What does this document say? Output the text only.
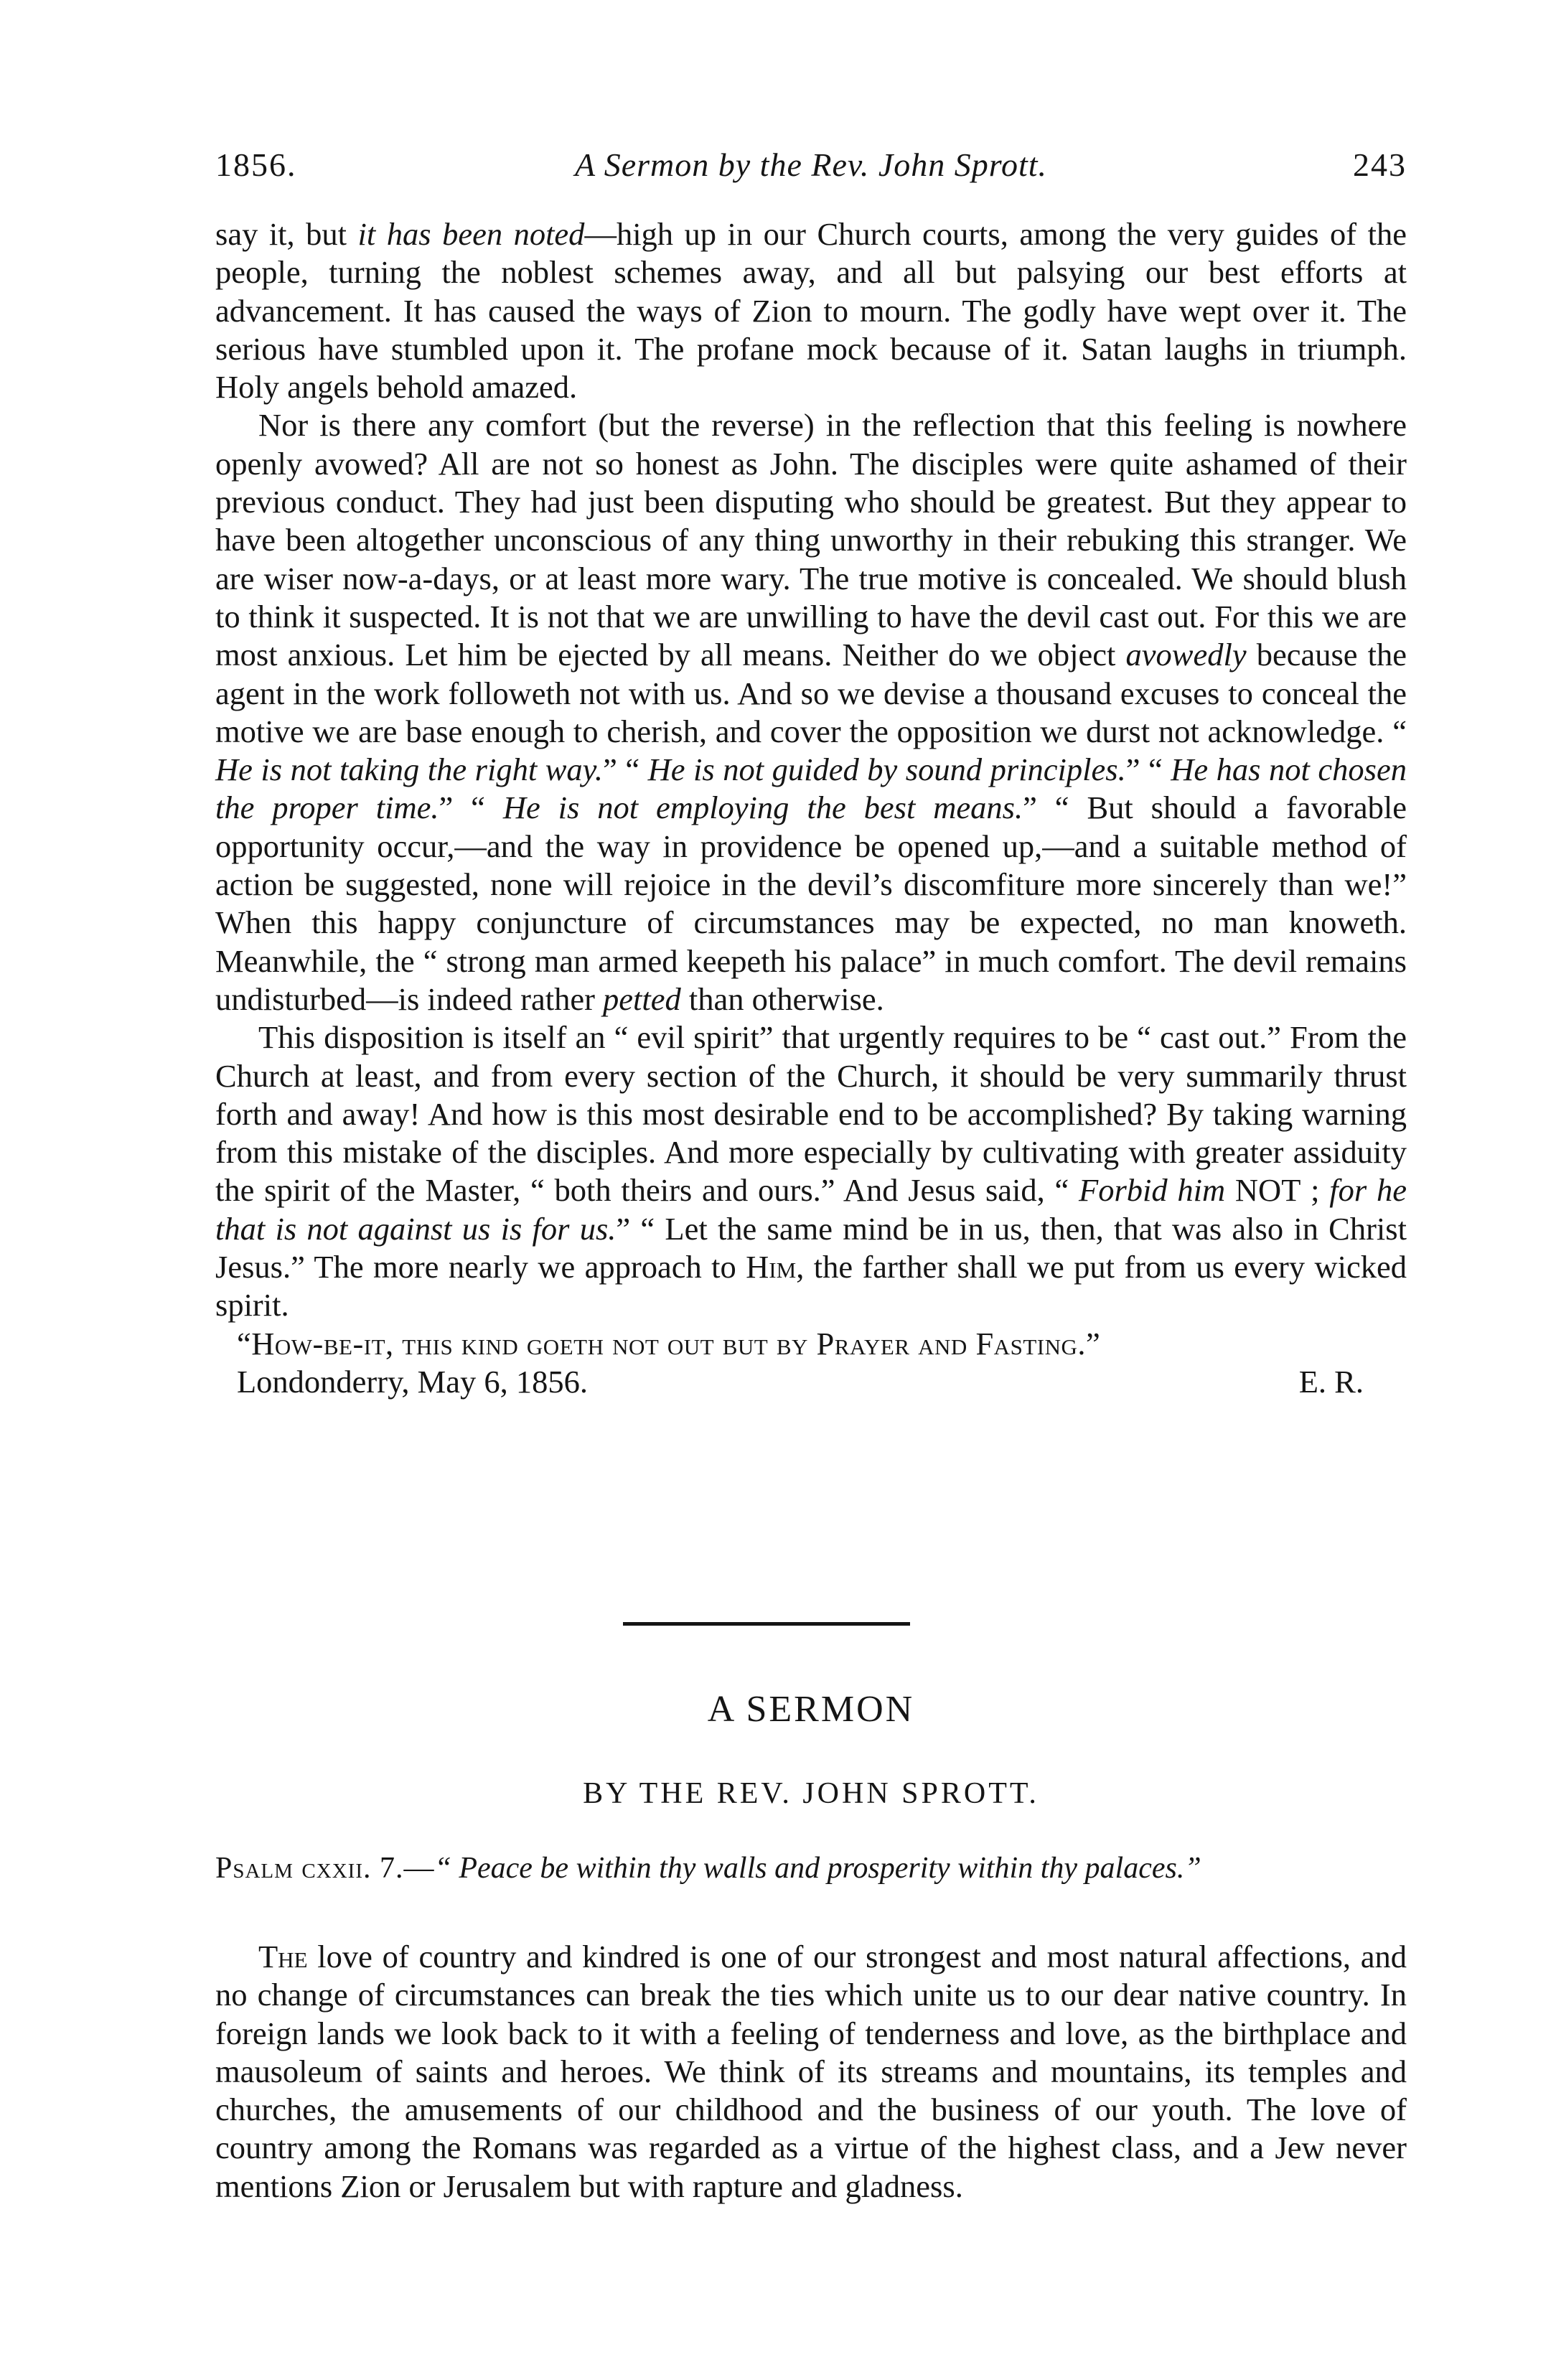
1856.	A Sermon by the Rev. John Sprott.	243

say it, but it has been noted—high up in our Church courts, among the very guides of the people, turning the noblest schemes away, and all but palsying our best efforts at advancement. It has caused the ways of Zion to mourn. The godly have wept over it. The serious have stumbled upon it. The profane mock because of it. Satan laughs in triumph. Holy angels behold amazed.

Nor is there any comfort (but the reverse) in the reflection that this feeling is nowhere openly avowed? All are not so honest as John. The disciples were quite ashamed of their previous conduct. They had just been disputing who should be greatest. But they appear to have been altogether unconscious of any thing unworthy in their rebuking this stranger. We are wiser now-a-days, or at least more wary. The true motive is concealed. We should blush to think it suspected. It is not that we are unwilling to have the devil cast out. For this we are most anxious. Let him be ejected by all means. Neither do we object avowedly because the agent in the work followeth not with us. And so we devise a thousand excuses to conceal the motive we are base enough to cherish, and cover the opposition we durst not acknowledge. “ He is not taking the right way.” “ He is not guided by sound principles.” “ He has not chosen the proper time.” “ He is not employing the best means.” “ But should a favorable opportunity occur,—and the way in providence be opened up,—and a suitable method of action be suggested, none will rejoice in the devil’s discomfiture more sincerely than we!” When this happy conjuncture of circumstances may be expected, no man knoweth. Meanwhile, the “ strong man armed keepeth his palace” in much comfort. The devil remains undisturbed—is indeed rather petted than otherwise.

This disposition is itself an “ evil spirit” that urgently requires to be “ cast out.” From the Church at least, and from every section of the Church, it should be very summarily thrust forth and away! And how is this most desirable end to be accomplished? By taking warning from this mistake of the disciples. And more especially by cultivating with greater assiduity the spirit of the Master, “ both theirs and ours.” And Jesus said, “ Forbid him NOT ; for he that is not against us is for us.” “ Let the same mind be in us, then, that was also in Christ Jesus.” The more nearly we approach to Him, the farther shall we put from us every wicked spirit.

“How-be-it, this kind goeth not out but by Prayer and Fasting.”

Londonderry, May 6, 1856.	E. R.
A SERMON
BY THE REV. JOHN SPROTT.
Psalm cxxii. 7.—“ Peace be within thy walls and prosperity within thy palaces.”

The love of country and kindred is one of our strongest and most natural affections, and no change of circumstances can break the ties which unite us to our dear native country. In foreign lands we look back to it with a feeling of tenderness and love, as the birthplace and mausoleum of saints and heroes. We think of its streams and mountains, its temples and churches, the amusements of our childhood and the business of our youth. The love of country among the Romans was regarded as a virtue of the highest class, and a Jew never mentions Zion or Jerusalem but with rapture and gladness.
